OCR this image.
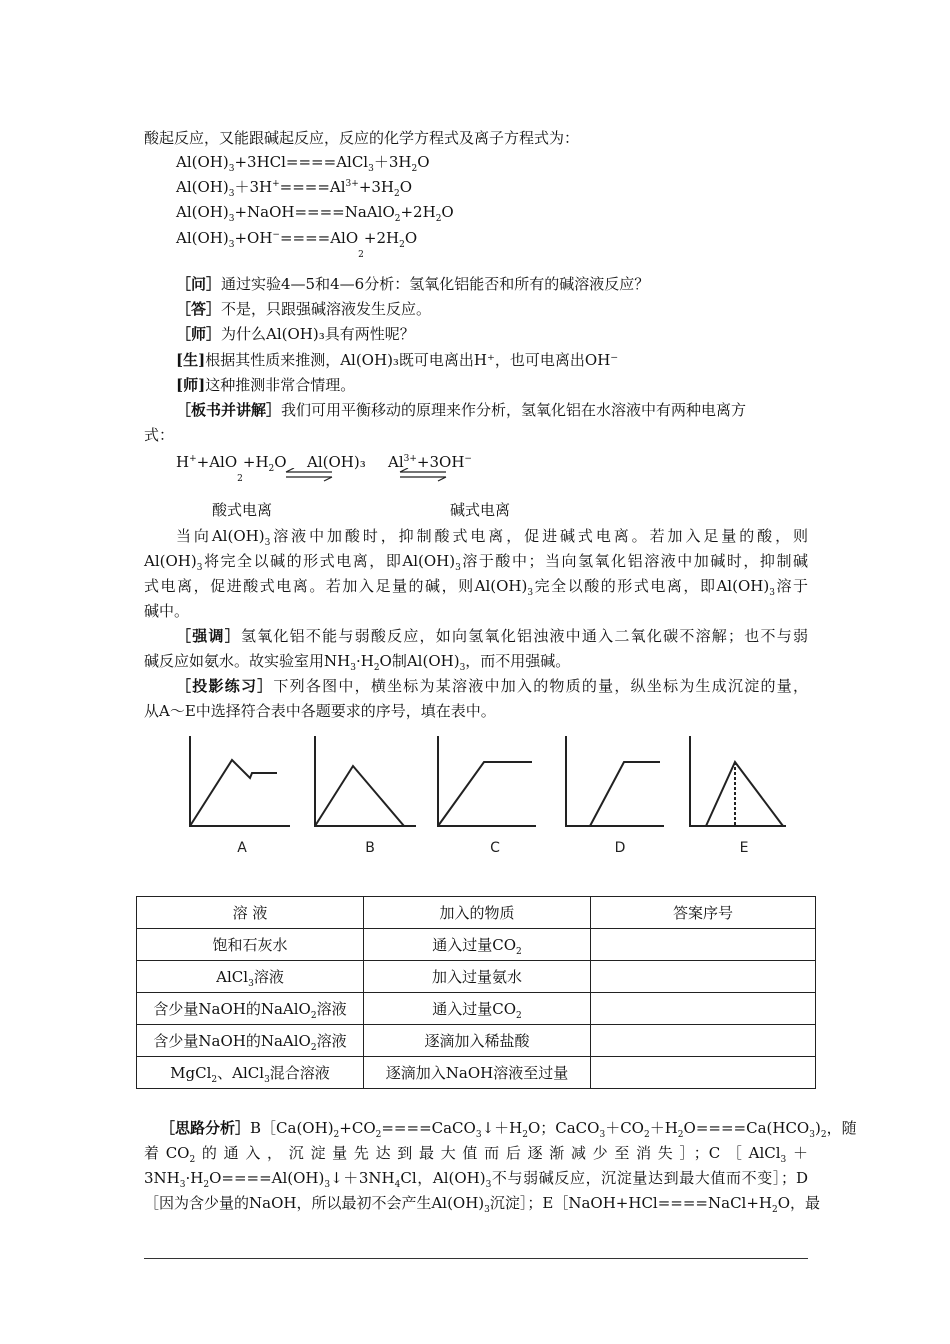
酸起反应，又能跟碱起反应，反应的化学方程式及离子方程式为：
$Al(OH)_3+3HCl====AlCl_3+3H_2O$
$Al(OH)_3+3H^+====Al^{3+}+3H_2O$
$Al(OH)_3+NaOH====NaAlO_2+2H_2O$
$Al(OH)_3+OH^-====AlO_2+2H_2O$
［问］通过实验4—5和4—6分析：氢氧化铝能否和所有的碱溶液反应？
［答］不是，只跟强碱溶液发生反应。
［师］为什么Al(OH)₃具有两性呢？
[生]根据其性质来推测，Al(OH)₃既可电离出H⁺，也可电离出OH⁻
[师]这种推测非常合情理。
［板书并讲解］我们可用平衡移动的原理来作分析，氢氧化铝在水溶液中有两种电离方
式：
$H^++AlO_2+H_2O$ Al(OH)₃ $Al^{3+}+3OH^-$
酸式电离	碱式电离
当向$Al(OH)_3$溶液中加酸时，抑制酸式电离，促进碱式电离。若加入足量的酸，则
$Al(OH)_3$将完全以碱的形式电离，即$Al(OH)_3$溶于酸中；当向氢氧化铝溶液中加碱时，抑制碱
式电离，促进酸式电离。若加入足量的碱，则$Al(OH)_3$完全以酸的形式电离，即$Al(OH)_3$溶于
碱中。
［强调］氢氧化铝不能与弱酸反应，如向氢氧化铝浊液中通入二氧化碳不溶解；也不与弱
碱反应如氨水。故实验室用$NH_3\cdot H_2O$制$Al(OH)_3$，而不用强碱。
［投影练习］下列各图中，横坐标为某溶液中加入的物质的量，纵坐标为生成沉淀的量，
从A～E中选择符合表中各题要求的序号，填在表中。
A	B	C	D	E
溶 液	加入的物质	答案序号
饱和石灰水	通入过量$CO_2$	
AlCl$_3$溶液	加入过量氨水	
含少量NaOH的NaAlO$_2$溶液	通入过量$CO_2$	
含少量NaOH的NaAlO$_2$溶液	逐滴加入稀盐酸	
MgCl$_2$、AlCl$_3$混合溶液	逐滴加入NaOH溶液至过量	
［思路分析$]B[Ca(OH)_2+CO_2====CaCO_3↓+H_2O$；$CaCO_3+CO_2+H_2O====Ca(HCO_3)_2$，随
着$CO_2$的通入，沉淀量先达到最大值而后逐渐减少至消失］；C［AlCl$_3$＋
$3NH_3\cdot H_2O====Al(OH)_3↓+3NH_4Cl$，$Al(OH)_3$不与弱碱反应，沉淀量达到最大值而不变］；D
［因为含少量的NaOH，所以最初不会产生$Al(OH)_3$沉淀］；$E[NaOH+HCl====NaCl+H_2O$，最
